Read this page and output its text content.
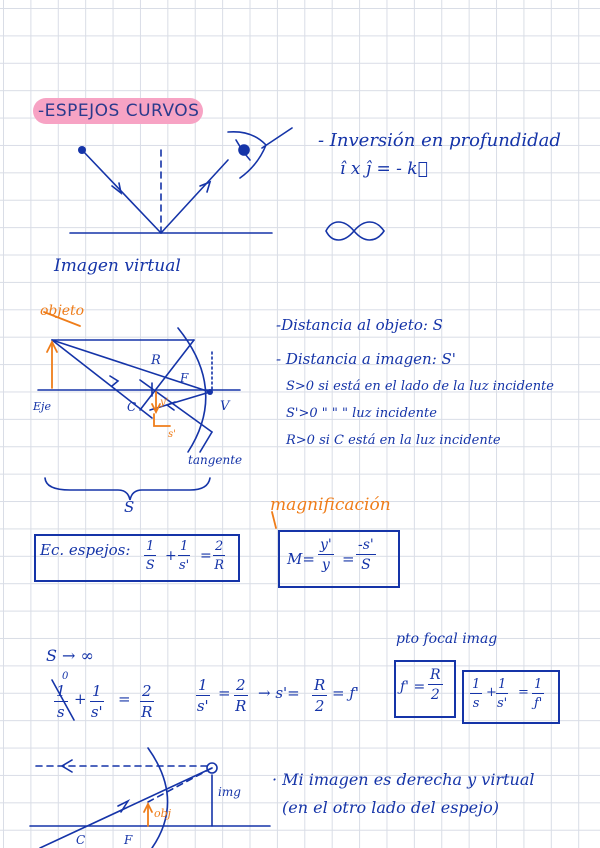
-ESPEJOS CURVOS
- Inversión en profundidad
î x ĵ = - k⃗
Imagen virtual
objeto
Eje
R
F
C	V
y'
s'
tangente
S
-Distancia al objeto: S
- Distancia a imagen: S'
S>0 si está en el lado de la luz incidente
S'>0 " " " luz incidente
R>0 si C está en la luz incidente
Ec. espejos: $\frac{1}{S} + \frac{1}{s'} = \frac{2}{R}$
magnificación
$M= \frac{y'}{y} = \frac{-s'}{S}$
S → ∞
0
$\frac{1}{s} + \frac{1}{s'} = \frac{2}{R}$	$\frac{1}{s'} = \frac{2}{R} \to s'= \frac{R}{2}$ = ƒ'
pto focal imag
ƒ' = $\frac{R}{2} \frac{1}{s} + \frac{1}{s'} = \frac{1}{ƒ'}$
img
obj
C	F
· Mi imagen es derecha y virtual
(en el otro lado del espejo)
